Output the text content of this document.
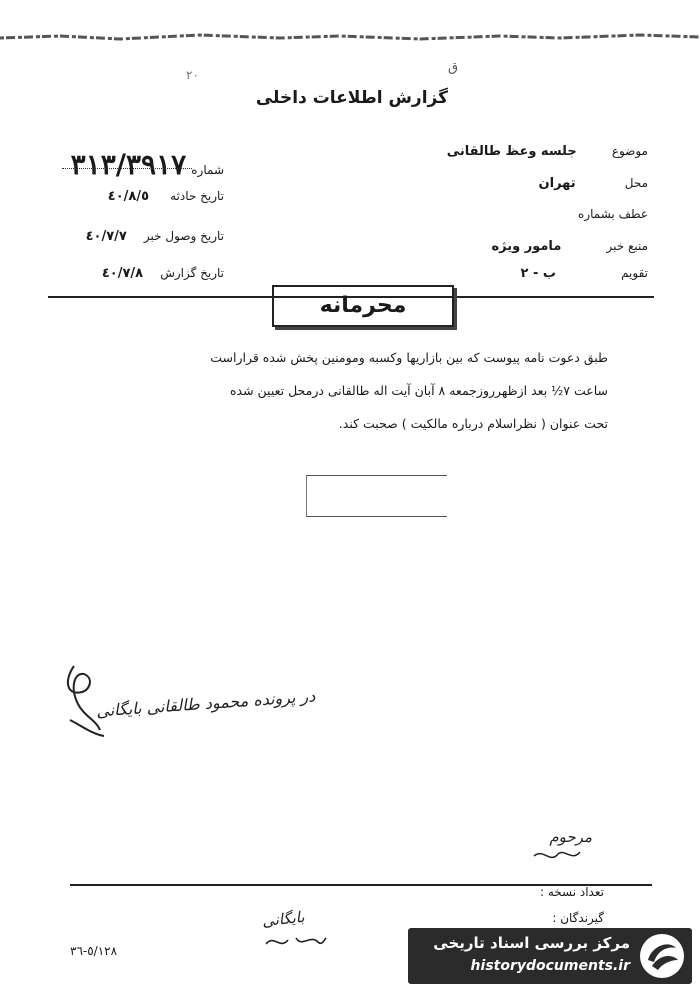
ق
٢٠
گزارش اطلاعات داخلی
شماره ٣١٣/٣٩١٧
تاریخ حادثه ٤٠/٨/٥
تاریخ وصول خبر ٤٠/٧/٧
تاریخ گزارش ٤٠/٧/٨
موضوع جلسه وعظ طالقانی
محل تهران
عطف بشماره
منبع خبر مامور ویژه
تقویم ب - ٢
محرمانه
طبق دعوت نامه پیوست که بین بازاریها وکسبه ومومنین پخش شده قراراست
ساعت ۷½ بعد ازظهرروزجمعه ۸ آبان آیت اله طالقانی درمحل تعیین شده
تحت عنوان ( نظراسلام درباره مالکیت ) صحبت کند.
در پرونده محمود طالقانی بایگانی
مرحوم
تعداد نسخه :
گیرندگان :
بایگانی
٥/١٢٨-٣٦	مرکز بررسی اسناد تاریخی
historydocuments.ir
